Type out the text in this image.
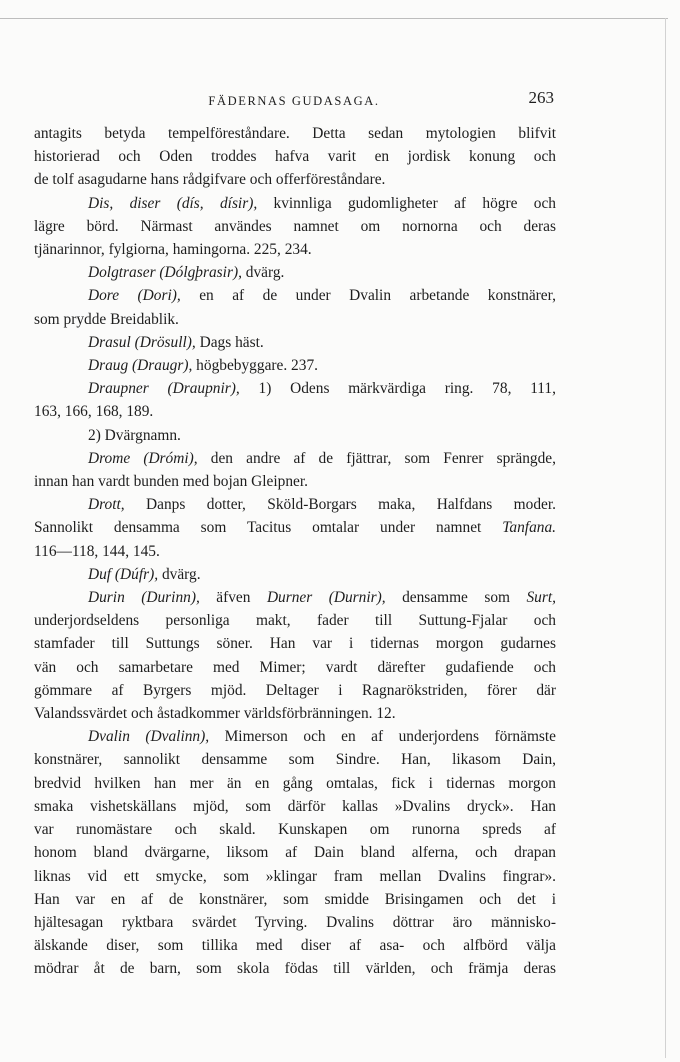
FÄDERNAS GUDASAGA.	263

antagits betyda tempelföreståndare. Detta sedan mytologien blifvit

historierad och Oden troddes hafva varit en jordisk konung och

de tolf asagudarne hans rådgifvare och offerföreståndare.

Dis, diser (dís, dísir), kvinnliga gudomligheter af högre och

lägre börd. Närmast användes namnet om nornorna och deras

tjänarinnor, fylgiorna, hamingorna. 225, 234.

Dolgtraser (Dólgþrasir), dvärg.

Dore (Dori), en af de under Dvalin arbetande konstnärer,

som prydde Breidablik.

Drasul (Drösull), Dags häst.

Draug (Draugr), högbebyggare. 237.

Draupner (Draupnir), 1) Odens märkvärdiga ring. 78, 111,

163, 166, 168, 189.

2) Dvärgnamn.

Drome (Drómi), den andre af de fjättrar, som Fenrer sprängde,

innan han vardt bunden med bojan Gleipner.

Drott, Danps dotter, Sköld-Borgars maka, Halfdans moder.

Sannolikt densamma som Tacitus omtalar under namnet Tanfana.

116—118, 144, 145.

Duf (Dúfr), dvärg.

Durin (Durinn), äfven Durner (Durnir), densamme som Surt,

underjordseldens personliga makt, fader till Suttung-Fjalar och

stamfader till Suttungs söner. Han var i tidernas morgon gudarnes

vän och samarbetare med Mimer; vardt därefter gudafiende och

gömmare af Byrgers mjöd. Deltager i Ragnarökstriden, förer där

Valandssvärdet och åstadkommer världsförbränningen. 12.

Dvalin (Dvalinn), Mimerson och en af underjordens förnämste

konstnärer, sannolikt densamme som Sindre. Han, likasom Dain,

bredvid hvilken han mer än en gång omtalas, fick i tidernas morgon

smaka vishetskällans mjöd, som därför kallas »Dvalins dryck». Han

var runomästare och skald. Kunskapen om runorna spreds af

honom bland dvärgarne, liksom af Dain bland alferna, och drapan

liknas vid ett smycke, som »klingar fram mellan Dvalins fingrar».

Han var en af de konstnärer, som smidde Brisingamen och det i

hjältesagan ryktbara svärdet Tyrving. Dvalins döttrar äro människo-

älskande diser, som tillika med diser af asa- och alfbörd välja

mödrar åt de barn, som skola födas till världen, och främja deras
